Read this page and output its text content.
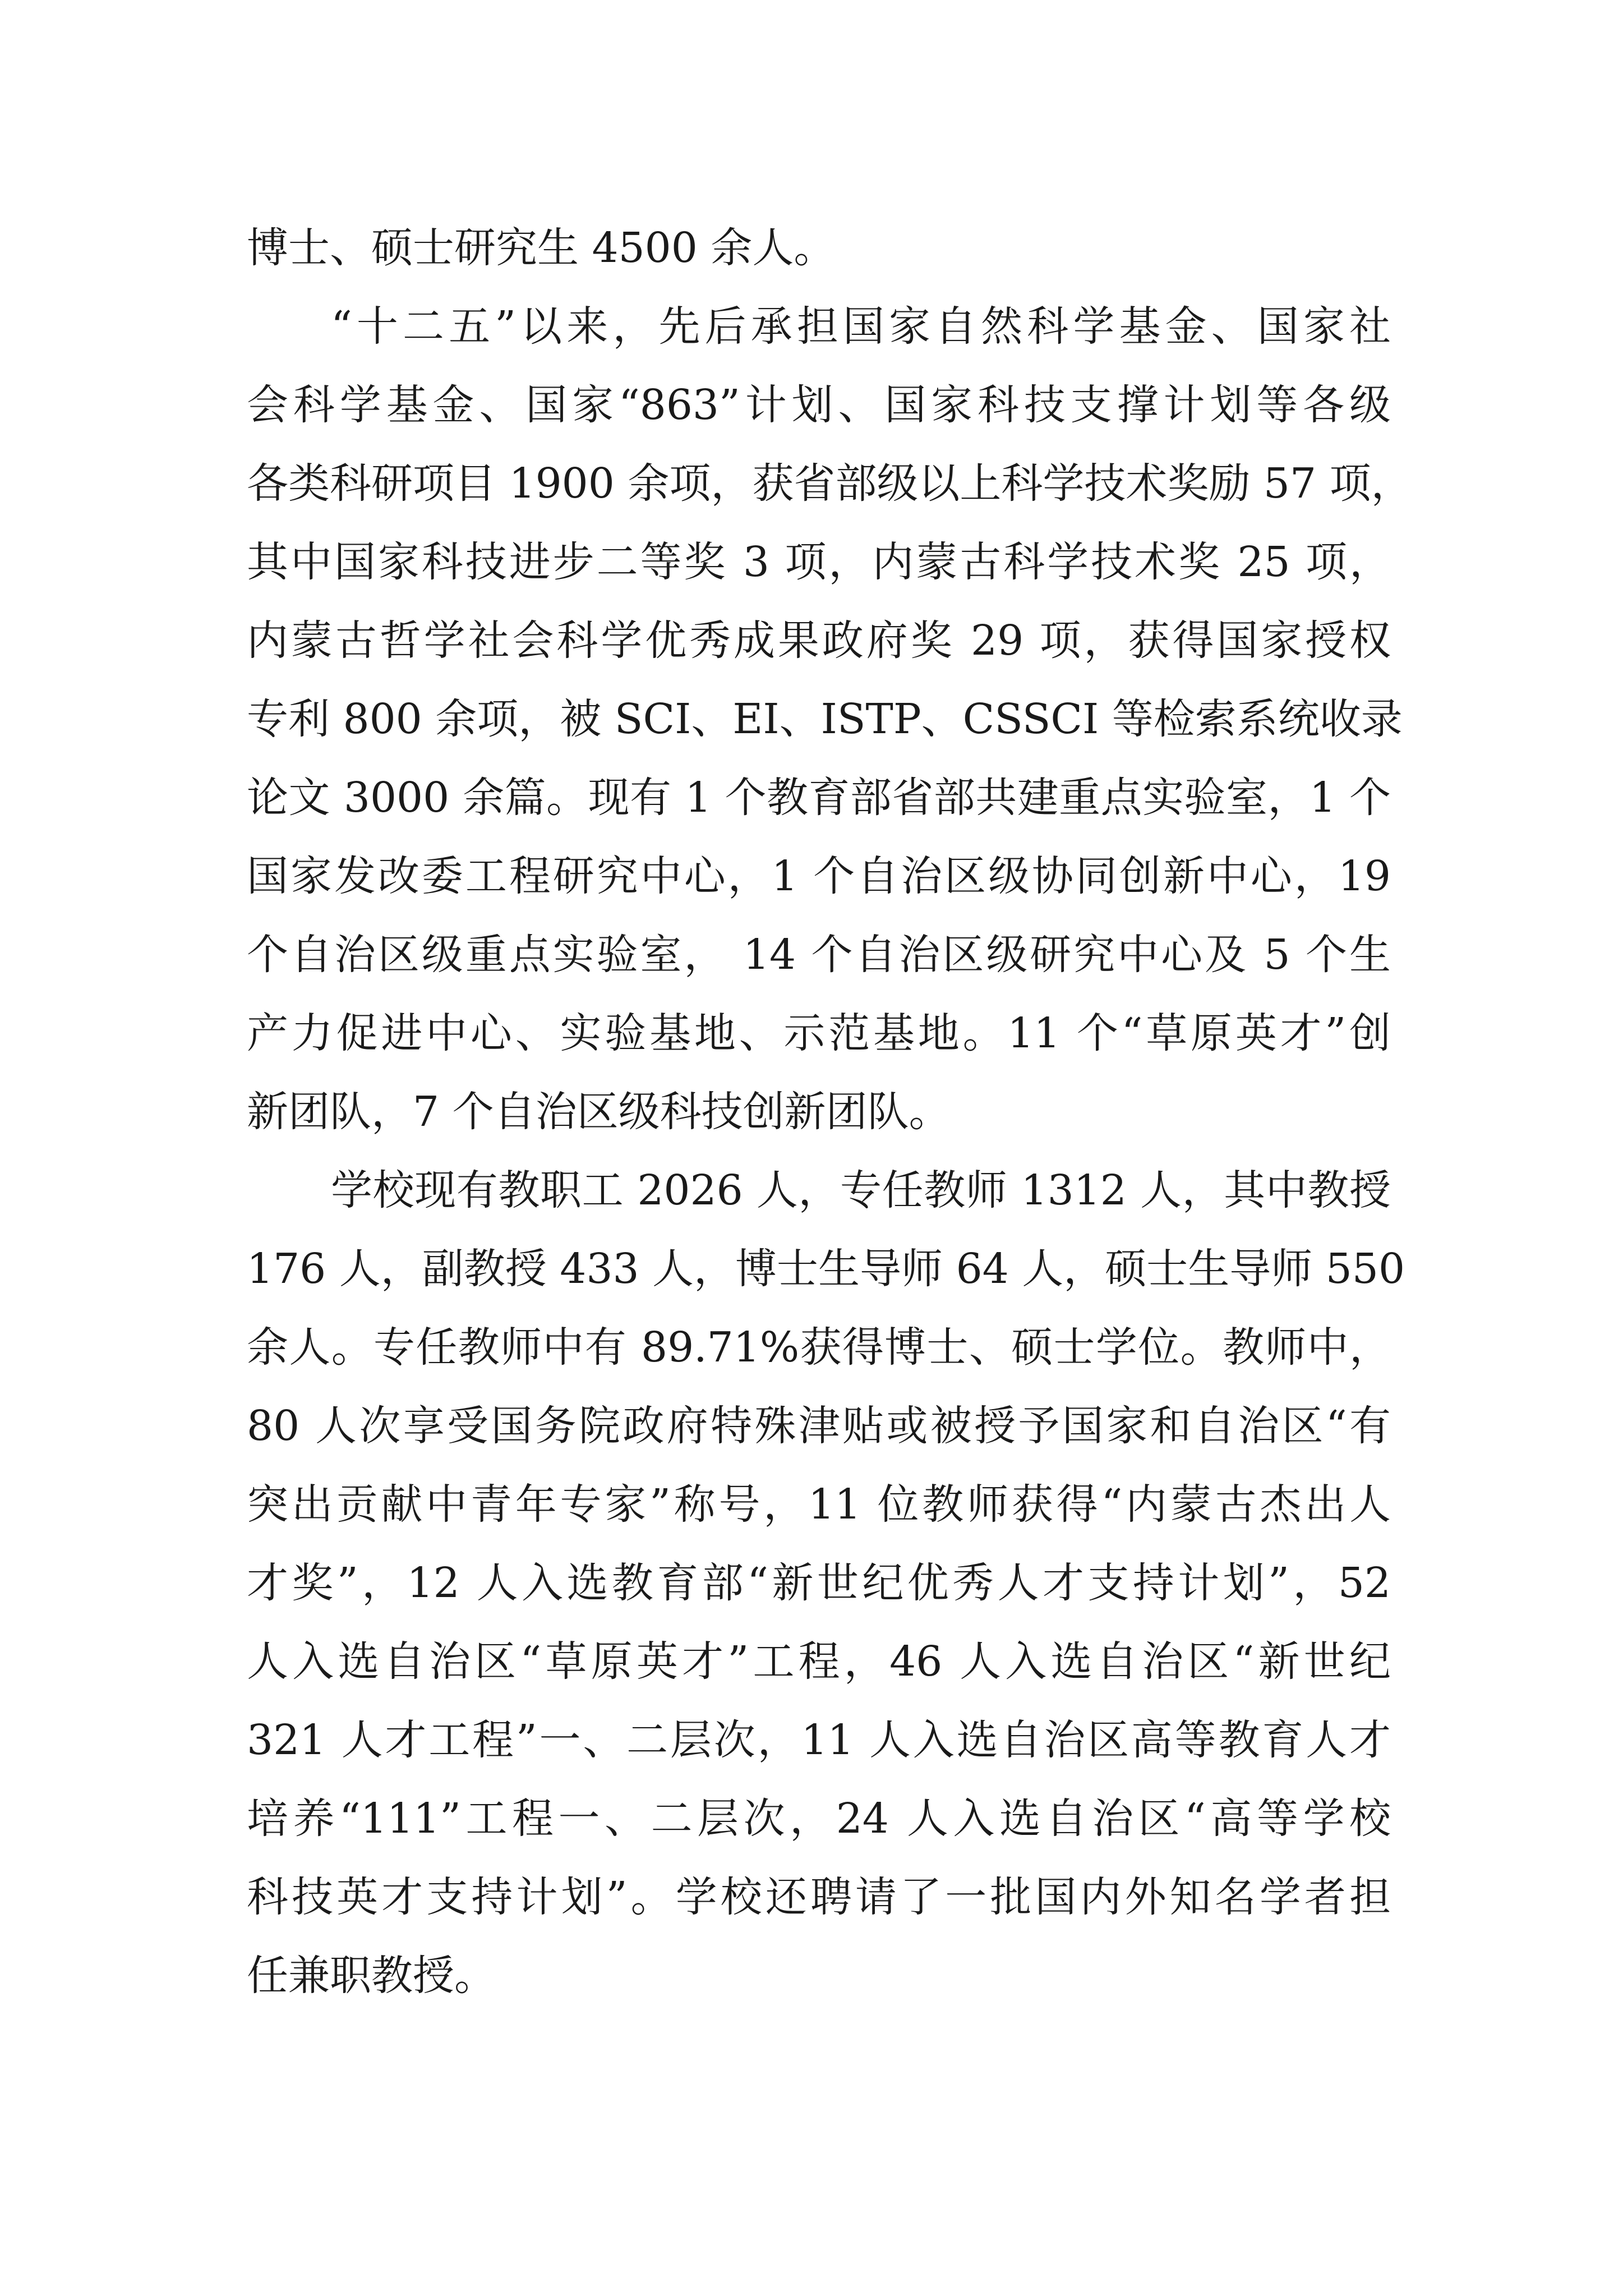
博士、硕士研究生 4500 余人。
“十二五”以来，先后承担国家自然科学基金、国家社
会科学基金、国家“863”计划、国家科技支撑计划等各级
各类科研项目 1900 余项，获省部级以上科学技术奖励 57 项，
其中国家科技进步二等奖 3 项，内蒙古科学技术奖 25 项，
内蒙古哲学社会科学优秀成果政府奖 29 项，获得国家授权
专利 800 余项，被 SCI、EI、ISTP、CSSCI 等检索系统收录
论文 3000 余篇。现有 1 个教育部省部共建重点实验室，1 个
国家发改委工程研究中心，1 个自治区级协同创新中心，19
个自治区级重点实验室， 14 个自治区级研究中心及 5 个生
产力促进中心、实验基地、示范基地。11 个“草原英才”创
新团队，7 个自治区级科技创新团队。
学校现有教职工 2026 人，专任教师 1312 人，其中教授
176 人，副教授 433 人，博士生导师 64 人，硕士生导师 550
余人。专任教师中有 89.71%获得博士、硕士学位。教师中，
80 人次享受国务院政府特殊津贴或被授予国家和自治区“有
突出贡献中青年专家”称号，11 位教师获得“内蒙古杰出人
才奖”，12 人入选教育部“新世纪优秀人才支持计划”，52
人入选自治区“草原英才”工程，46 人入选自治区“新世纪
321 人才工程”一、二层次，11 人入选自治区高等教育人才
培养“111”工程一、二层次，24 人入选自治区“高等学校
科技英才支持计划”。学校还聘请了一批国内外知名学者担
任兼职教授。
